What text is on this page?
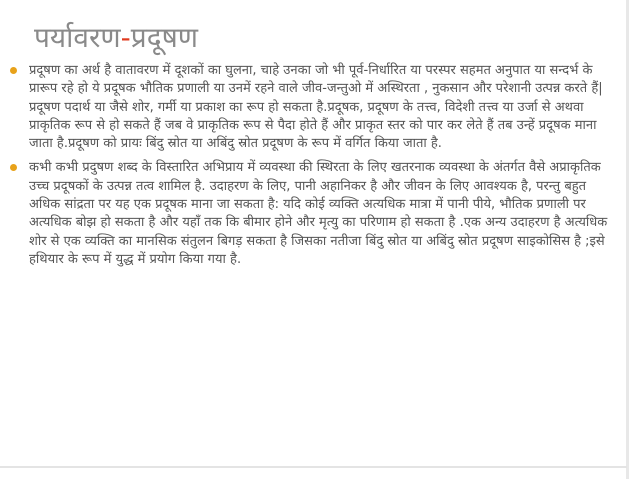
पर्यावरण-प्रदूषण
प्रदूषण का अर्थ है वातावरण में दूशकों का घुलना, चाहे उनका जो भी पूर्व-निर्धारित या परस्पर सहमत अनुपात या सन्दर्भ के प्रारूप रहे हो ये प्रदूषक भौतिक प्रणाली या उनमें रहने वाले जीव-जन्तुओ में अस्थिरता , नुकसान और परेशानी उत्पन्न करते हैं| प्रदूषण पदार्थ या जैसे शोर, गर्मी या प्रकाश का रूप हो सकता है.प्रदूषक, प्रदूषण के तत्त्व, विदेशी तत्त्व या उर्जा से अथवा प्राकृतिक रूप से हो सकते हैं जब वे प्राकृतिक रूप से पैदा होते हैं और प्राकृत स्तर को पार कर लेते हैं तब उन्हें प्रदूषक माना जाता है.प्रदूषण को प्रायः बिंदु स्रोत या अबिंदु स्रोत प्रदूषण के रूप में वर्गित किया जाता है.
कभी कभी प्रदुषण शब्द के विस्तारित अभिप्राय में व्यवस्था की स्थिरता के लिए खतरनाक व्यवस्था के अंतर्गत वैसे अप्राकृतिक उच्च प्रदूषकों के उत्पन्न तत्व शामिल है. उदाहरण के लिए, पानी अहानिकर है और जीवन के लिए आवश्यक है, परन्तु बहुत अधिक सांद्रता पर यह एक प्रदूषक माना जा सकता है: यदि कोई व्यक्ति अत्यधिक मात्रा में पानी पीये, भौतिक प्रणाली पर अत्यधिक बोझ हो सकता है और यहाँ तक कि बीमार होने और मृत्यु का परिणाम हो सकता है .एक अन्य उदाहरण है अत्यधिक शोर से एक व्यक्ति का मानसिक संतुलन बिगड़ सकता है जिसका नतीजा बिंदु स्रोत या अबिंदु स्रोत प्रदूषण साइकोसिस है ;इसे हथियार के रूप में युद्ध में प्रयोग किया गया है.
